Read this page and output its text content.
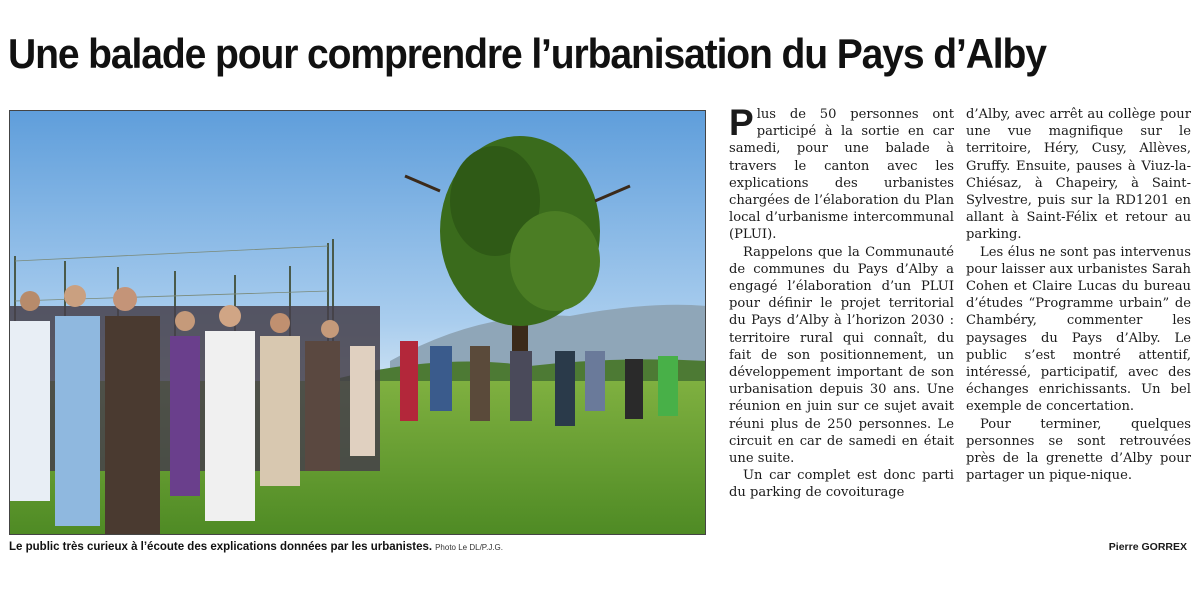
Une balade pour comprendre l’urbanisation du Pays d’Alby
Le public très curieux à l’écoute des explications données par les urbanistes. Photo Le DL/P.J.G.

Plus de 50 personnes ont participé à la sortie en car samedi, pour une balade à travers le canton avec les explications des urbanistes chargées de l’élaboration du Plan local d’urbanisme intercommunal (PLUI).

Rappelons que la Communauté de communes du Pays d’Alby a engagé l’élaboration d’un PLUI pour définir le projet territorial du Pays d’Alby à l’horizon 2030 : territoire rural qui connaît, du fait de son positionnement, un développement important de son urbanisation depuis 30 ans. Une réunion en juin sur ce sujet avait réuni plus de 250 personnes. Le circuit en car de samedi en était une suite.

Un car complet est donc parti du parking de covoiturage

d’Alby, avec arrêt au collège pour une vue magnifique sur le territoire, Héry, Cusy, Allèves, Gruffy. Ensuite, pauses à Viuz-la-Chiésaz, à Chapeiry, à Saint-Sylvestre, puis sur la RD1201 en allant à Saint-Félix et retour au parking.

Les élus ne sont pas intervenus pour laisser aux urbanistes Sarah Cohen et Claire Lucas du bureau d’études “Programme urbain” de Chambéry, commenter les paysages du Pays d’Alby. Le public s’est montré attentif, intéressé, participatif, avec des échanges enrichissants. Un bel exemple de concertation.

Pour terminer, quelques personnes se sont retrouvées près de la grenette d’Alby pour partager un pique-nique.

Pierre GORREX
